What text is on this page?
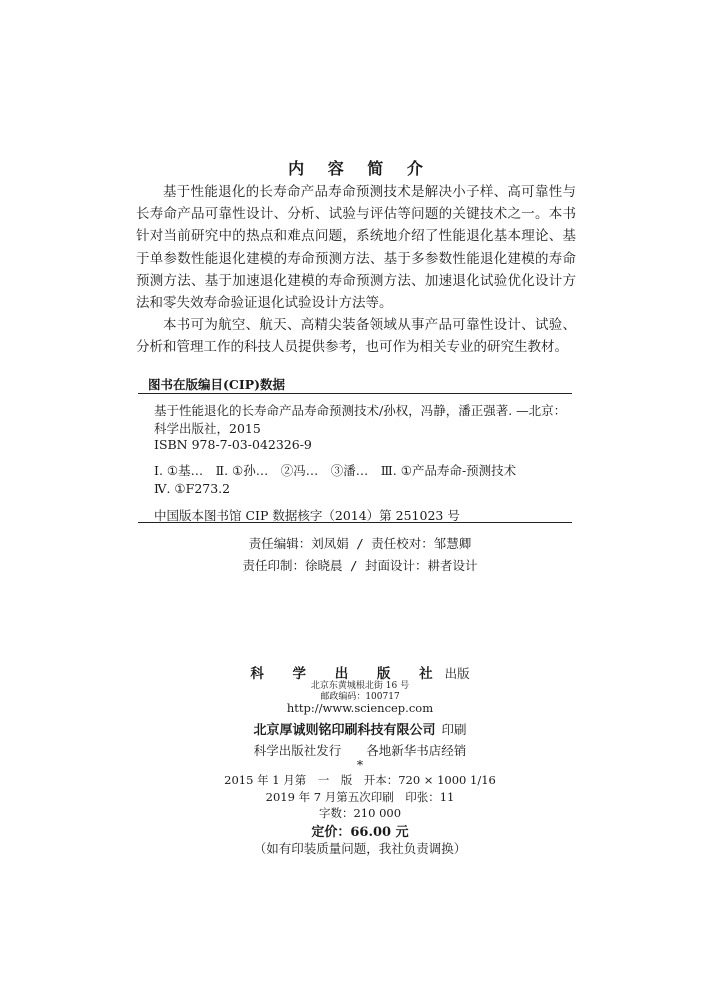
内 容 简 介

基于性能退化的长寿命产品寿命预测技术是解决小子样、高可靠性与长寿命产品可靠性设计、分析、试验与评估等问题的关键技术之一。本书针对当前研究中的热点和难点问题，系统地介绍了性能退化基本理论、基于单参数性能退化建模的寿命预测方法、基于多参数性能退化建模的寿命预测方法、基于加速退化建模的寿命预测方法、加速退化试验优化设计方法和零失效寿命验证退化试验设计方法等。

本书可为航空、航天、高精尖装备领域从事产品可靠性设计、试验、分析和管理工作的科技人员提供参考，也可作为相关专业的研究生教材。

图书在版编目(CIP)数据
基于性能退化的长寿命产品寿命预测技术/孙权，冯静，潘正强著. —北京：
科学出版社，2015
ISBN 978-7-03-042326-9
Ⅰ. ①基…　Ⅱ. ①孙…　②冯…　③潘…　Ⅲ. ①产品寿命-预测技术
Ⅳ. ①F273.2
中国版本图书馆 CIP 数据核字（2014）第 251023 号
责任编辑：刘凤娟 / 责任校对：邹慧卿
责任印制：徐晓晨 / 封面设计：耕者设计
科 学 出 版 社出版
北京东黄城根北街 16 号
邮政编码：100717
http://www.sciencep.com
北京厚诚则铭印刷科技有限公司 印刷
科学出版社发行　　各地新华书店经销
*
2015 年 1 月第　一　版　开本：720 × 1000 1/16
2019 年 7 月第五次印刷　印张：11
字数：210 000
定价：66.00 元
（如有印装质量问题，我社负责调换）
